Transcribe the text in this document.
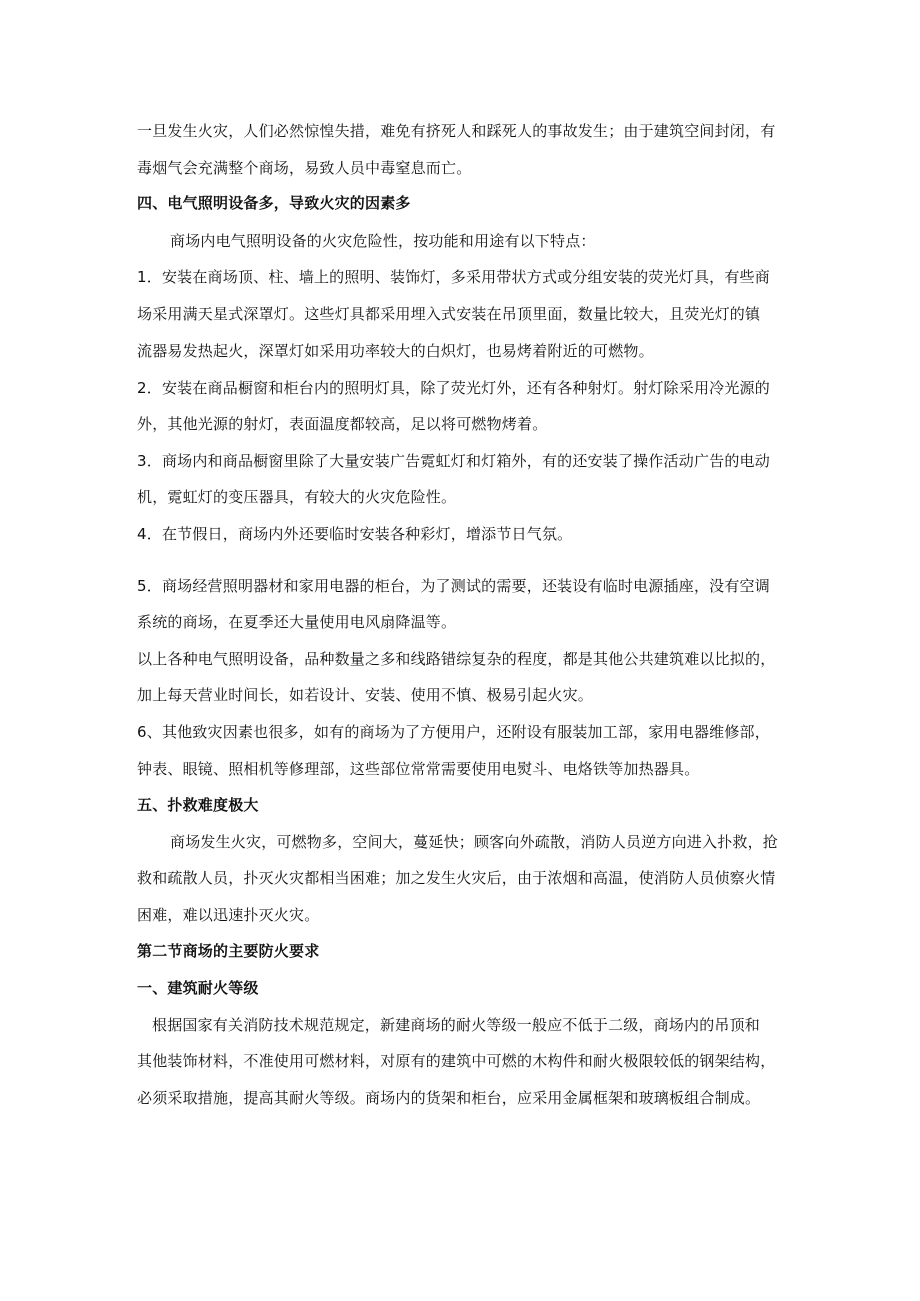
一旦发生火灾，人们必然惊惶失措，难免有挤死人和踩死人的事故发生；由于建筑空间封闭，有
毒烟气会充满整个商场，易致人员中毒窒息而亡。
四、电气照明设备多，导致火灾的因素多
商场内电气照明设备的火灾危险性，按功能和用途有以下特点：
1．安装在商场顶、柱、墙上的照明、装饰灯，多采用带状方式或分组安装的荧光灯具，有些商
场采用满天星式深罩灯。这些灯具都采用埋入式安装在吊顶里面，数量比较大，且荧光灯的镇
流器易发热起火，深罩灯如采用功率较大的白炽灯，也易烤着附近的可燃物。
2．安装在商品橱窗和柜台内的照明灯具，除了荧光灯外，还有各种射灯。射灯除采用冷光源的
外，其他光源的射灯，表面温度都较高，足以将可燃物烤着。
3．商场内和商品橱窗里除了大量安装广告霓虹灯和灯箱外，有的还安装了操作活动广告的电动
机，霓虹灯的变压器具，有较大的火灾危险性。
4．在节假日，商场内外还要临时安装各种彩灯，增添节日气氛。
5．商场经营照明器材和家用电器的柜台，为了测试的需要，还装设有临时电源插座，没有空调
系统的商场，在夏季还大量使用电风扇降温等。
以上各种电气照明设备，品种数量之多和线路错综复杂的程度，都是其他公共建筑难以比拟的，
加上每天营业时间长，如若设计、安装、使用不慎、极易引起火灾。
6、其他致灾因素也很多，如有的商场为了方便用户，还附设有服装加工部，家用电器维修部，
钟表、眼镜、照相机等修理部，这些部位常常需要使用电熨斗、电烙铁等加热器具。
五、扑救难度极大
商场发生火灾，可燃物多，空间大，蔓延快；顾客向外疏散，消防人员逆方向进入扑救，抢
救和疏散人员，扑灭火灾都相当困难；加之发生火灾后，由于浓烟和高温，使消防人员侦察火情
困难，难以迅速扑灭火灾。
第二节商场的主要防火要求
一、建筑耐火等级
根据国家有关消防技术规范规定，新建商场的耐火等级一般应不低于二级，商场内的吊顶和
其他装饰材料，不准使用可燃材料，对原有的建筑中可燃的木构件和耐火极限较低的钢架结构，
必须采取措施，提高其耐火等级。商场内的货架和柜台，应采用金属框架和玻璃板组合制成。
